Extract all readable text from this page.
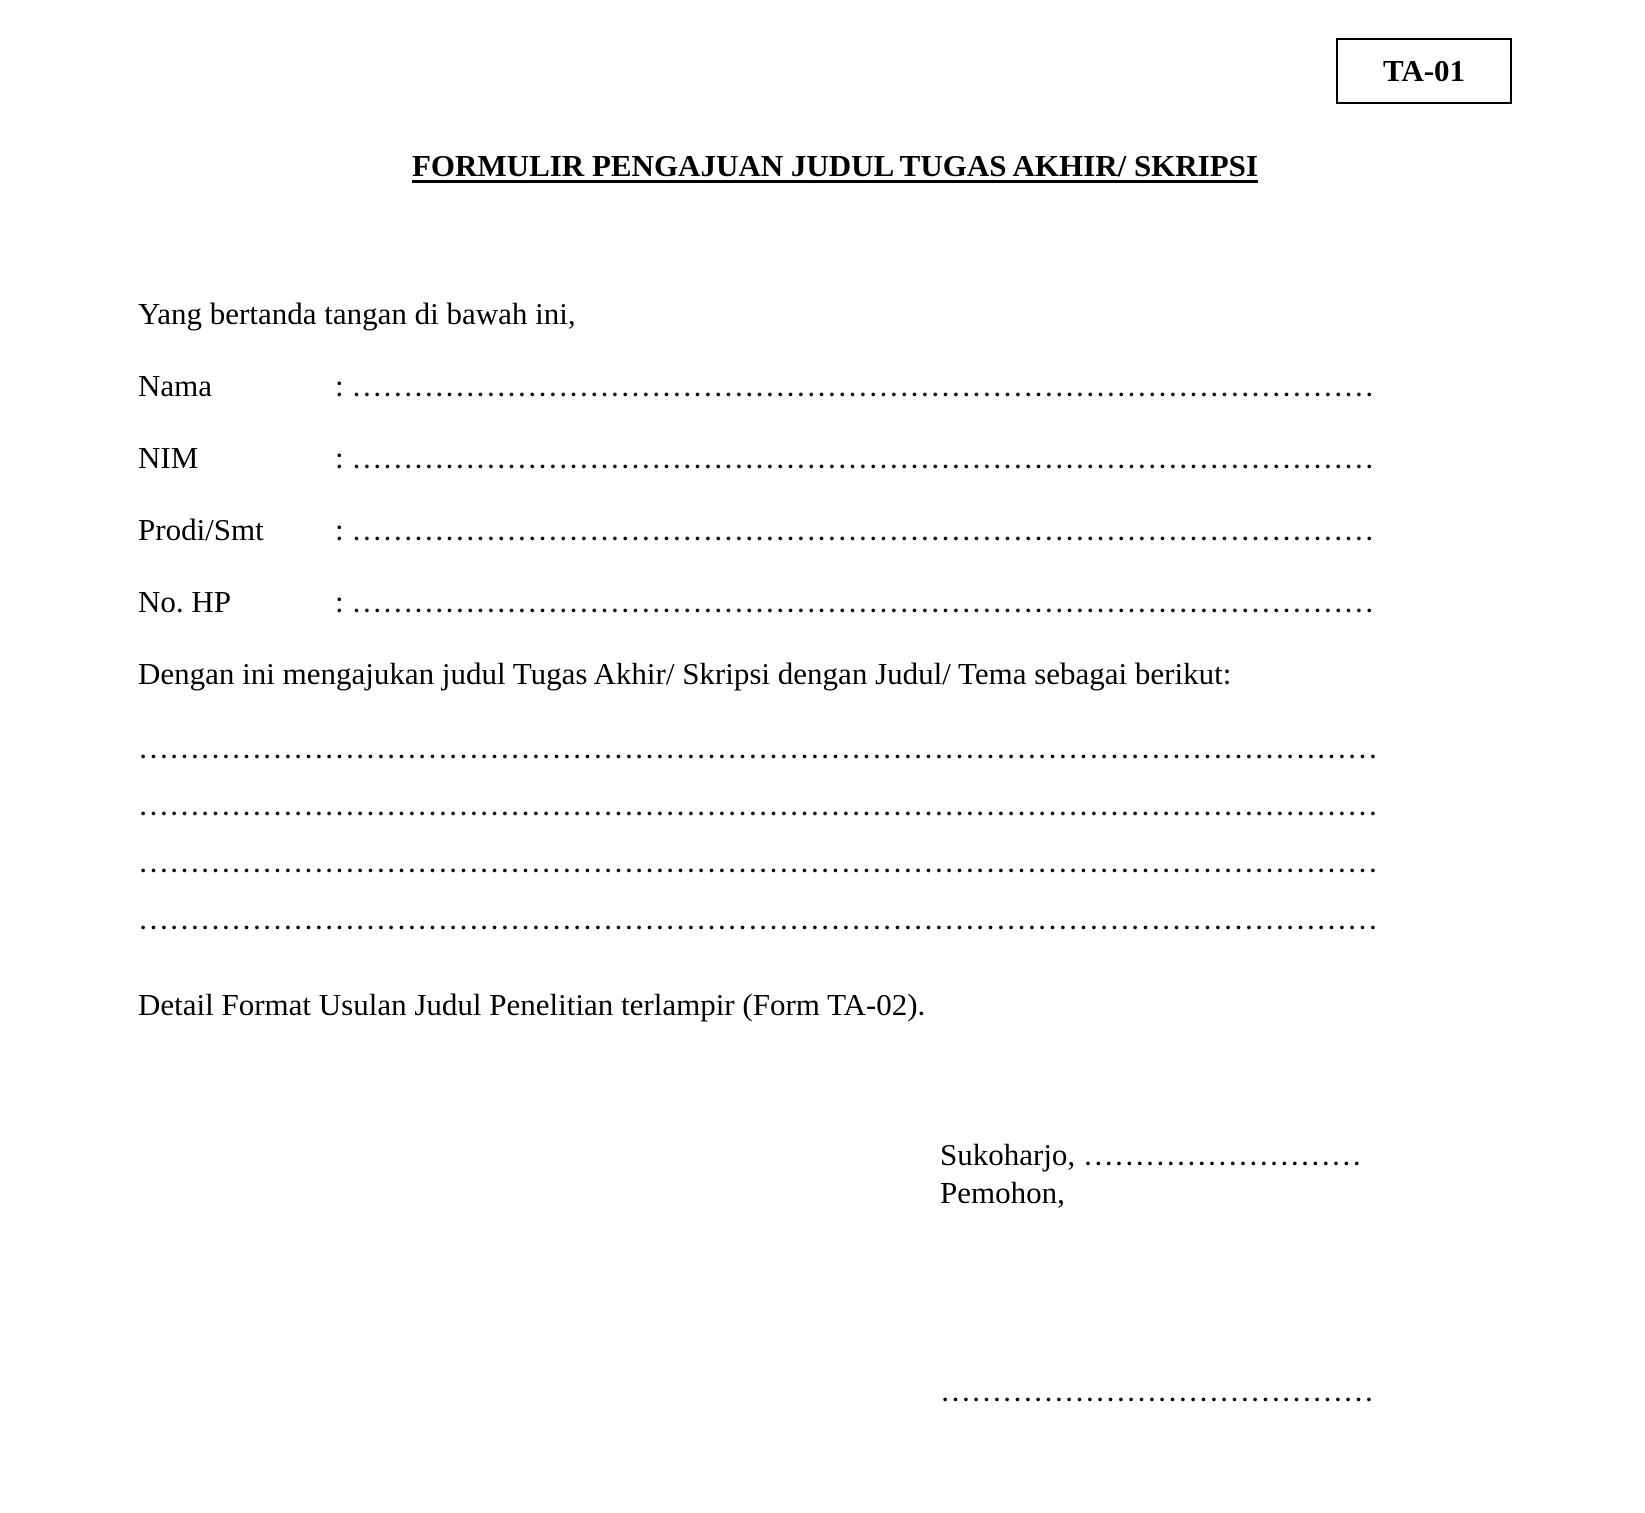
TA-01
FORMULIR PENGAJUAN JUDUL TUGAS AKHIR/ SKRIPSI
Yang bertanda tangan di bawah ini,
Nama	: ………………………………………………………………………………………
NIM	: ………………………………………………………………………………………
Prodi/Smt : ………………………………………………………………………………………
No. HP	: ………………………………………………………………………………………
Dengan ini mengajukan judul Tugas Akhir/ Skripsi dengan Judul/ Tema sebagai berikut:
…………………………………………………………………………………………………………
…………………………………………………………………………………………………………
…………………………………………………………………………………………………………
…………………………………………………………………………………………………………
Detail Format Usulan Judul Penelitian terlampir (Form TA-02).
Sukoharjo, ………………………
Pemohon,
……………………………………
